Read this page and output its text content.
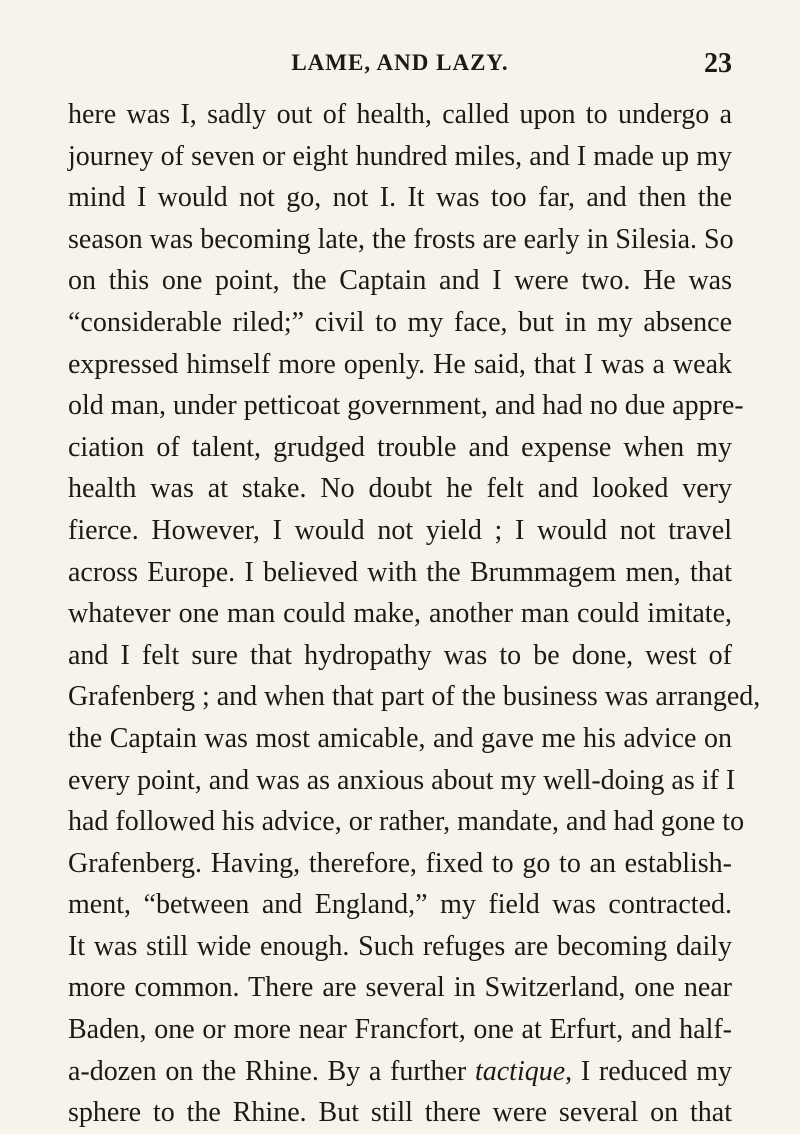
LAME, AND LAZY.	23
here was I, sadly out of health, called upon to undergo a
journey of seven or eight hundred miles, and I made up my
mind I would not go, not I. It was too far, and then the
season was becoming late, the frosts are early in Silesia. So
on this one point, the Captain and I were two. He was
“considerable riled;” civil to my face, but in my absence
expressed himself more openly. He said, that I was a weak
old man, under petticoat government, and had no due appre-
ciation of talent, grudged trouble and expense when my
health was at stake. No doubt he felt and looked very
fierce. However, I would not yield ; I would not travel
across Europe. I believed with the Brummagem men, that
whatever one man could make, another man could imitate,
and I felt sure that hydropathy was to be done, west of
Grafenberg ; and when that part of the business was arranged,
the Captain was most amicable, and gave me his advice on
every point, and was as anxious about my well-doing as if I
had followed his advice, or rather, mandate, and had gone to
Grafenberg. Having, therefore, fixed to go to an establish-
ment, “between and England,” my field was contracted.
It was still wide enough. Such refuges are becoming daily
more common. There are several in Switzerland, one near
Baden, one or more near Francfort, one at Erfurt, and half-
a-dozen on the Rhine. By a further tactique, I reduced my
sphere to the Rhine. But still there were several on that
